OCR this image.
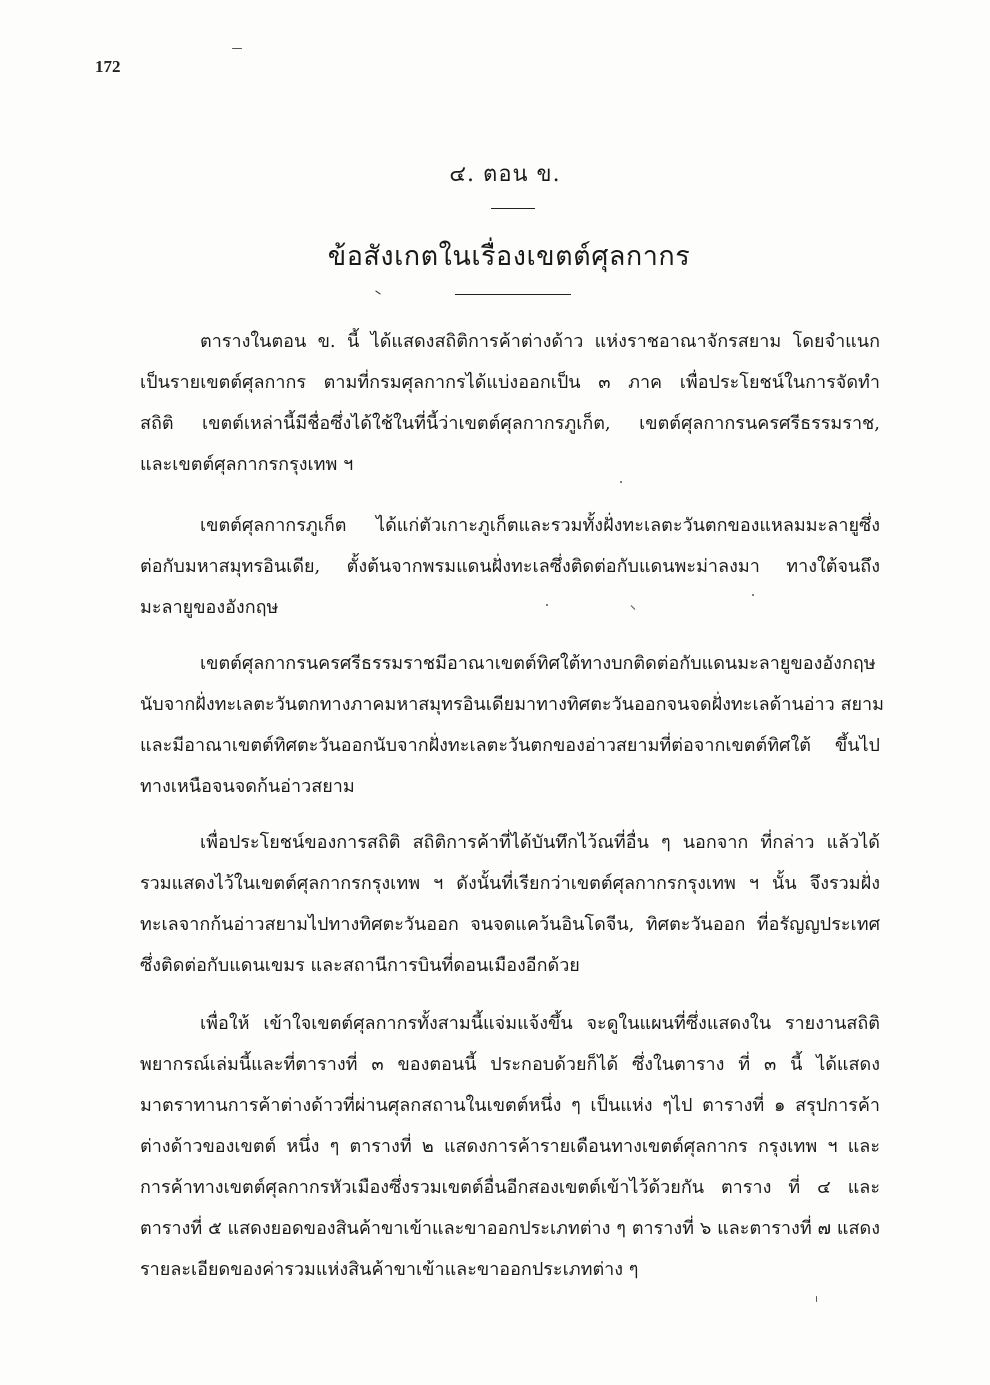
172
๔. ตอน ข.
ข้อสังเกตในเรื่องเขตต์ศุลกากร
ตารางในตอน ข. นี้ ได้แสดงสถิติการค้าต่างด้าว แห่งราชอาณาจักรสยาม โดยจำแนก
เป็นรายเขตต์ศุลกากร ตามที่กรมศุลกากรได้แบ่งออกเป็น ๓ ภาค เพื่อประโยชน์ในการจัดทำ
สถิติ เขตต์เหล่านี้มีชื่อซึ่งได้ใช้ในที่นี้ว่าเขตต์ศุลกากรภูเก็ต, เขตต์ศุลกากรนครศรีธรรมราช,
และเขตต์ศุลกากรกรุงเทพ ฯ
เขตต์ศุลกากรภูเก็ต ได้แก่ตัวเกาะภูเก็ตและรวมทั้งฝั่งทะเลตะวันตกของแหลมมะลายูซึ่ง
ต่อกับมหาสมุทรอินเดีย, ตั้งต้นจากพรมแดนฝั่งทะเลซึ่งติดต่อกับแดนพะม่าลงมา ทางใต้จนถึง
มะลายูของอังกฤษ
เขตต์ศุลกากรนครศรีธรรมราชมีอาณาเขตต์ทิศใต้ทางบกติดต่อกับแดนมะลายูของอังกฤษ
นับจากฝั่งทะเลตะวันตกทางภาคมหาสมุทรอินเดียมาทางทิศตะวันออกจนจดฝั่งทะเลด้านอ่าว สยาม
และมีอาณาเขตต์ทิศตะวันออกนับจากฝั่งทะเลตะวันตกของอ่าวสยามที่ต่อจากเขตต์ทิศใต้ ขึ้นไป
ทางเหนือจนจดก้นอ่าวสยาม
เพื่อประโยชน์ของการสถิติ สถิติการค้าที่ได้บันทึกไว้ณที่อื่น ๆ นอกจาก ที่กล่าว แล้วได้
รวมแสดงไว้ในเขตต์ศุลกากรกรุงเทพ ฯ ดังนั้นที่เรียกว่าเขตต์ศุลกากรกรุงเทพ ฯ นั้น จึงรวมฝั่ง
ทะเลจากก้นอ่าวสยามไปทางทิศตะวันออก จนจดแคว้นอินโดจีน, ทิศตะวันออก ที่อรัญญประเทศ
ซึ่งติดต่อกับแดนเขมร และสถานีการบินที่ดอนเมืองอีกด้วย
เพื่อให้ เข้าใจเขตต์ศุลกากรทั้งสามนี้แจ่มแจ้งขึ้น จะดูในแผนที่ซึ่งแสดงใน รายงานสถิติ
พยากรณ์เล่มนี้และที่ตารางที่ ๓ ของตอนนี้ ประกอบด้วยก็ได้ ซึ่งในตาราง ที่ ๓ นี้ ได้แสดง
มาตราทานการค้าต่างด้าวที่ผ่านศุลกสถานในเขตต์หนึ่ง ๆ เป็นแห่ง ๆไป ตารางที่ ๑ สรุปการค้า
ต่างด้าวของเขตต์ หนึ่ง ๆ ตารางที่ ๒ แสดงการค้ารายเดือนทางเขตต์ศุลกากร กรุงเทพ ฯ และ
การค้าทางเขตต์ศุลกากรหัวเมืองซึ่งรวมเขตต์อื่นอีกสองเขตต์เข้าไว้ด้วยกัน ตาราง ที่ ๔ และ
ตารางที่ ๕ แสดงยอดของสินค้าขาเข้าและขาออกประเภทต่าง ๆ ตารางที่ ๖ และตารางที่ ๗ แสดง
รายละเอียดของค่ารวมแห่งสินค้าขาเข้าและขาออกประเภทต่าง ๆ
